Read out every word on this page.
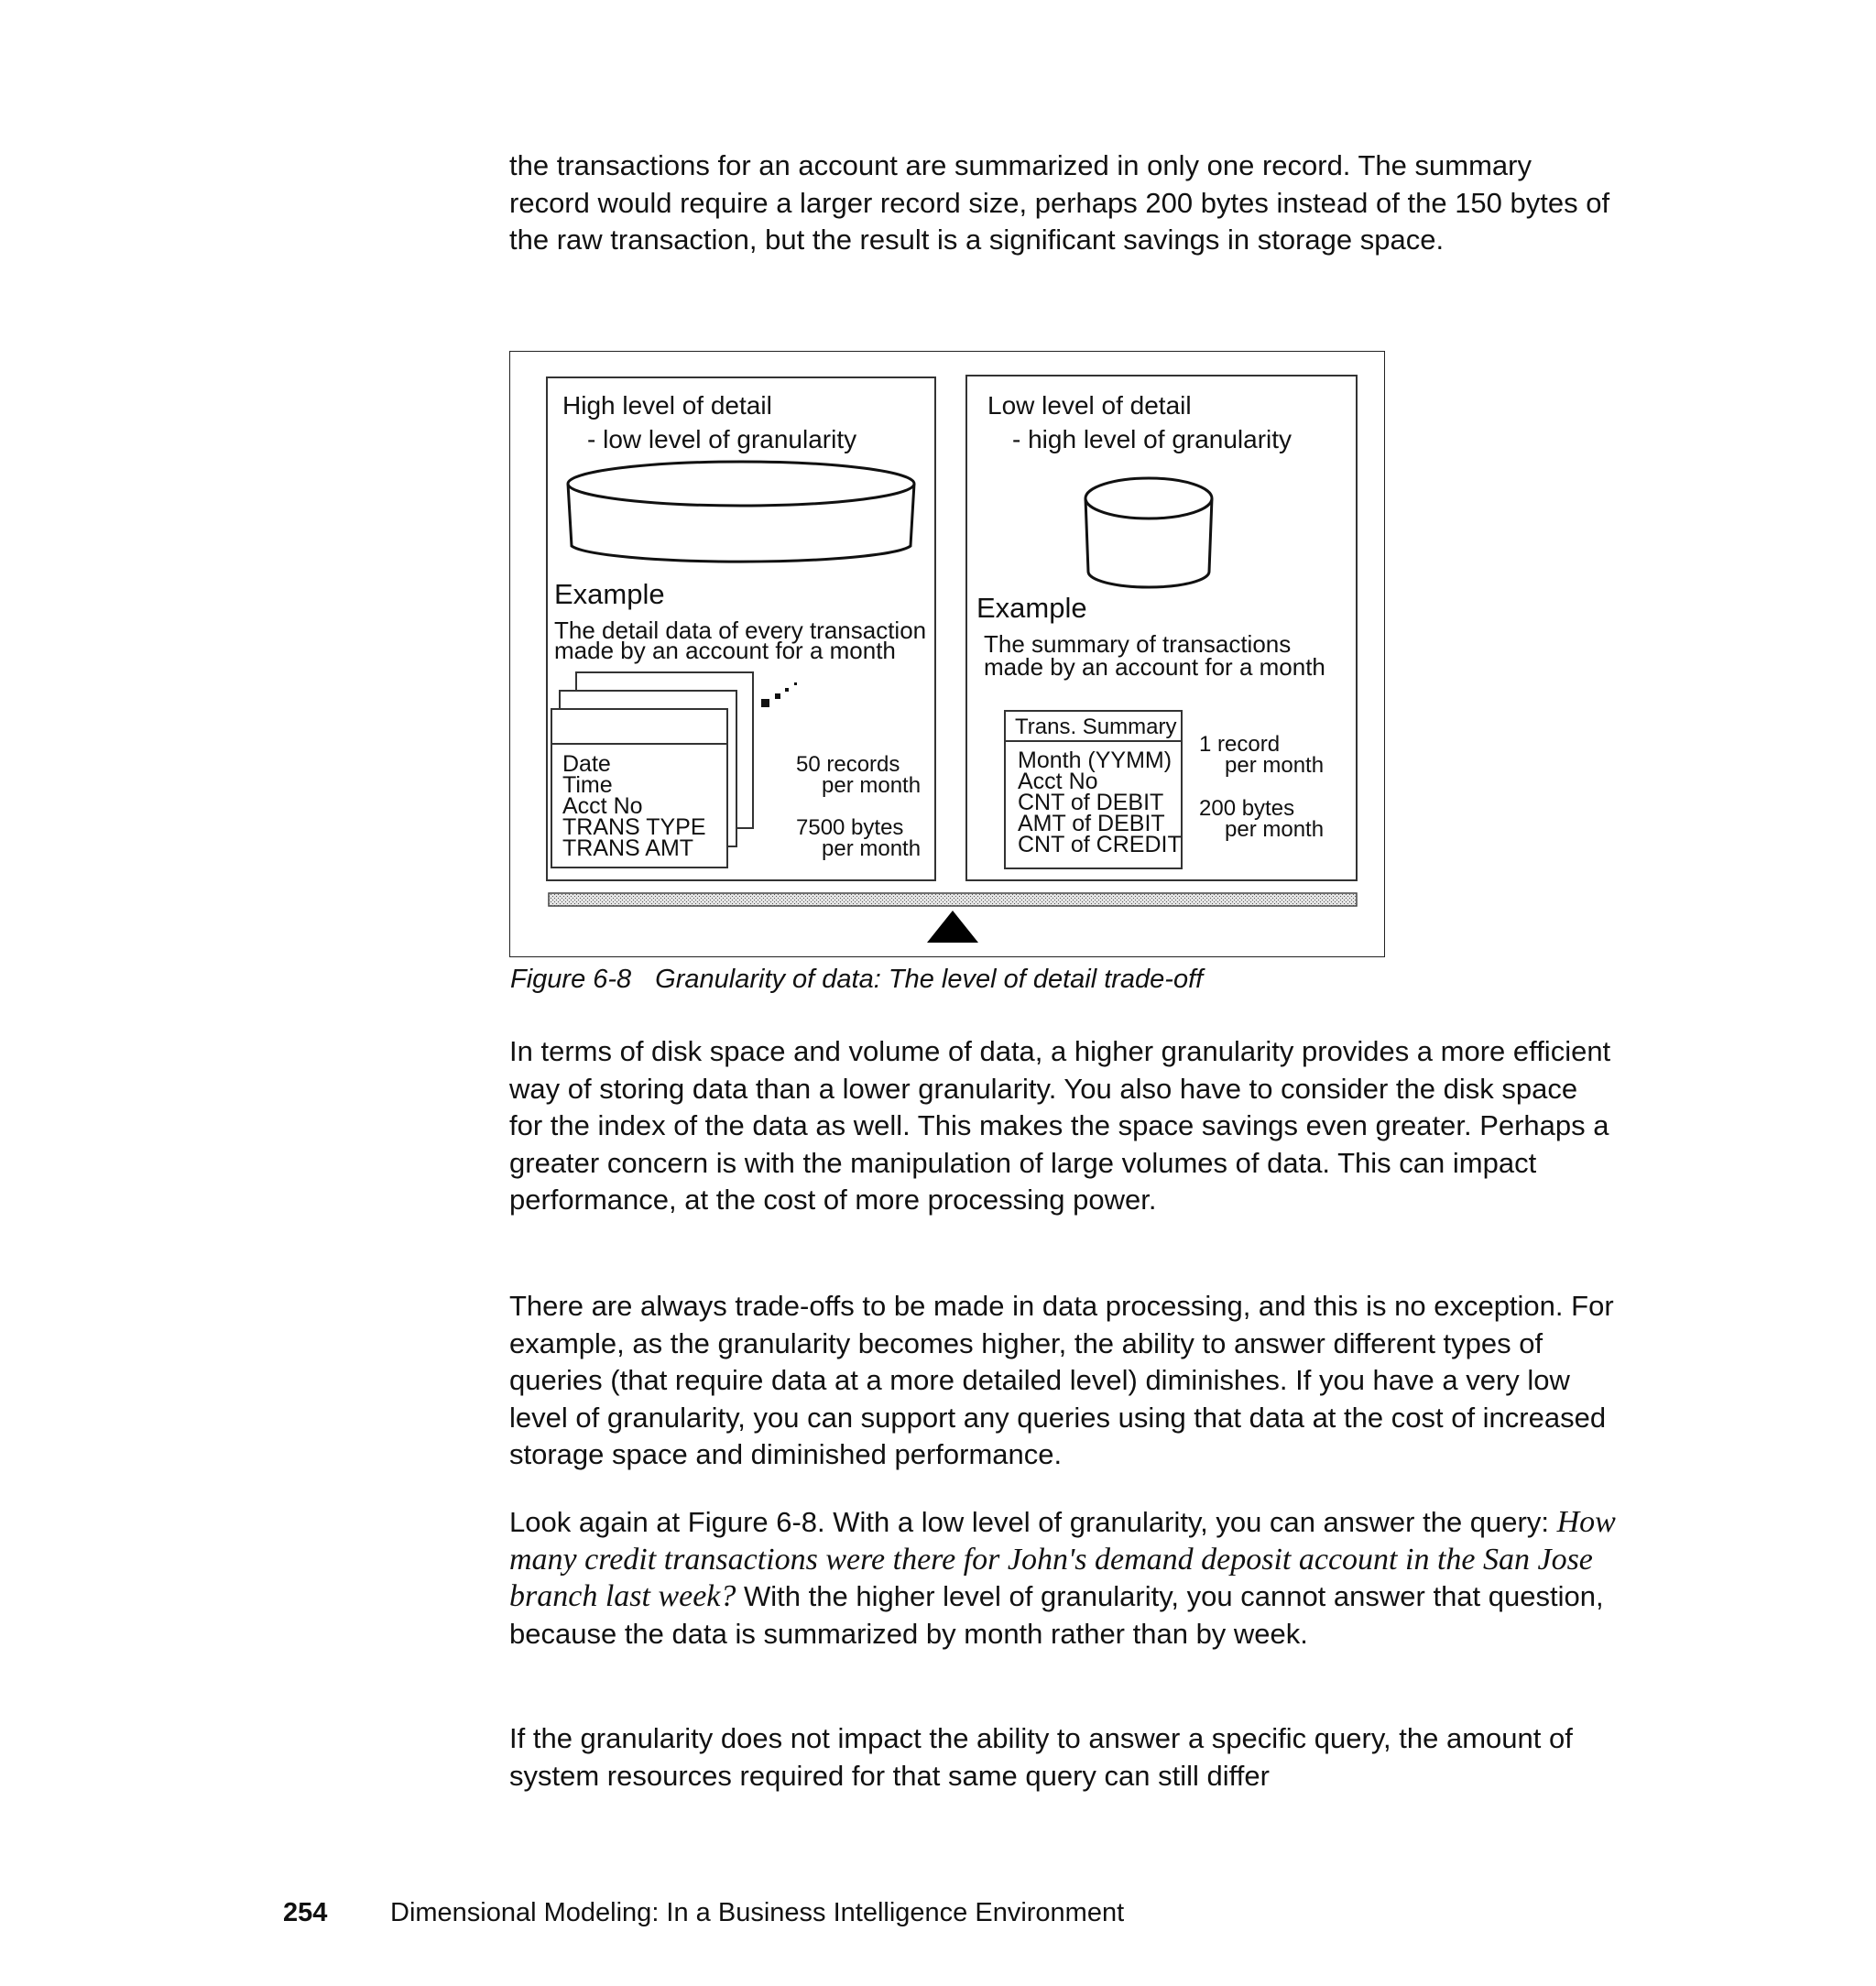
the transactions for an account are summarized in only one record. The summary record would require a larger record size, perhaps 200 bytes instead of the 150 bytes of the raw transaction, but the result is a significant savings in storage space.

High level of detail
- low level of granularity
Example
The detail data of every transaction
made by an account for a month
Date
Time
Acct No
TRANS TYPE
TRANS AMT
50 records
per month
7500 bytes
per month
Low level of detail
- high level of granularity
Example
The summary of transactions
made by an account for a month
Trans. Summary
Month (YYMM)
Acct No
CNT of DEBIT
AMT of DEBIT
CNT of CREDIT
1 record
per month
200 bytes
per month

Figure 6-8 Granularity of data: The level of detail trade-off

In terms of disk space and volume of data, a higher granularity provides a more efficient way of storing data than a lower granularity. You also have to consider the disk space for the index of the data as well. This makes the space savings even greater. Perhaps a greater concern is with the manipulation of large volumes of data. This can impact performance, at the cost of more processing power.

There are always trade-offs to be made in data processing, and this is no exception. For example, as the granularity becomes higher, the ability to answer different types of queries (that require data at a more detailed level) diminishes. If you have a very low level of granularity, you can support any queries using that data at the cost of increased storage space and diminished performance.

Look again at Figure 6-8. With a low level of granularity, you can answer the query: How many credit transactions were there for John's demand deposit account in the San Jose branch last week? With the higher level of granularity, you cannot answer that question, because the data is summarized by month rather than by week.

If the granularity does not impact the ability to answer a specific query, the amount of system resources required for that same query can still differ

254 Dimensional Modeling: In a Business Intelligence Environment
